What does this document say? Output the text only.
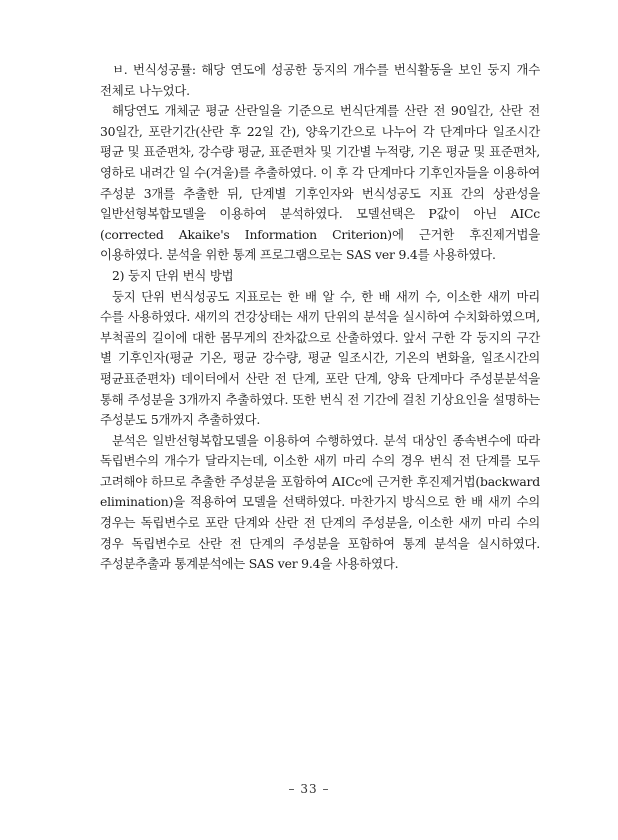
ㅂ. 번식성공률: 해당 연도에 성공한 둥지의 개수를 번식활동을 보인 둥지 개수 전체로 나누었다.

해당연도 개체군 평균 산란일을 기준으로 번식단계를 산란 전 90일간, 산란 전 30일간, 포란기간(산란 후 22일 간), 양육기간으로 나누어 각 단계마다 일조시간 평균 및 표준편차, 강수량 평균, 표준편차 및 기간별 누적량, 기온 평균 및 표준편차, 영하로 내려간 일 수(겨울)를 추출하였다. 이 후 각 단계마다 기후인자들을 이용하여 주성분 3개를 추출한 뒤, 단계별 기후인자와 번식성공도 지표 간의 상관성을 일반선형복합모델을 이용하여 분석하였다. 모델선택은 P값이 아닌 AICc (corrected Akaike's Information Criterion)에 근거한 후진제거법을 이용하였다. 분석을 위한 통계 프로그램으로는 SAS ver 9.4를 사용하였다.

2) 둥지 단위 번식 방법

둥지 단위 번식성공도 지표로는 한 배 알 수, 한 배 새끼 수, 이소한 새끼 마리 수를 사용하였다. 새끼의 건강상태는 새끼 단위의 분석을 실시하여 수치화하였으며, 부척골의 길이에 대한 몸무게의 잔차값으로 산출하였다. 앞서 구한 각 둥지의 구간 별 기후인자(평균 기온, 평균 강수량, 평균 일조시간, 기온의 변화율, 일조시간의 평균표준편차) 데이터에서 산란 전 단계, 포란 단계, 양육 단계마다 주성분분석을 통해 주성분을 3개까지 추출하였다. 또한 번식 전 기간에 걸친 기상요인을 설명하는 주성분도 5개까지 추출하였다.

분석은 일반선형복합모델을 이용하여 수행하였다. 분석 대상인 종속변수에 따라 독립변수의 개수가 달라지는데, 이소한 새끼 마리 수의 경우 번식 전 단계를 모두 고려해야 하므로 추출한 주성분을 포함하여 AICc에 근거한 후진제거법(backward elimination)을 적용하여 모델을 선택하였다. 마찬가지 방식으로 한 배 새끼 수의 경우는 독립변수로 포란 단계와 산란 전 단계의 주성분을, 이소한 새끼 마리 수의 경우 독립변수로 산란 전 단계의 주성분을 포함하여 통계 분석을 실시하였다. 주성분추출과 통계분석에는 SAS ver 9.4을 사용하였다.

– 33 –
